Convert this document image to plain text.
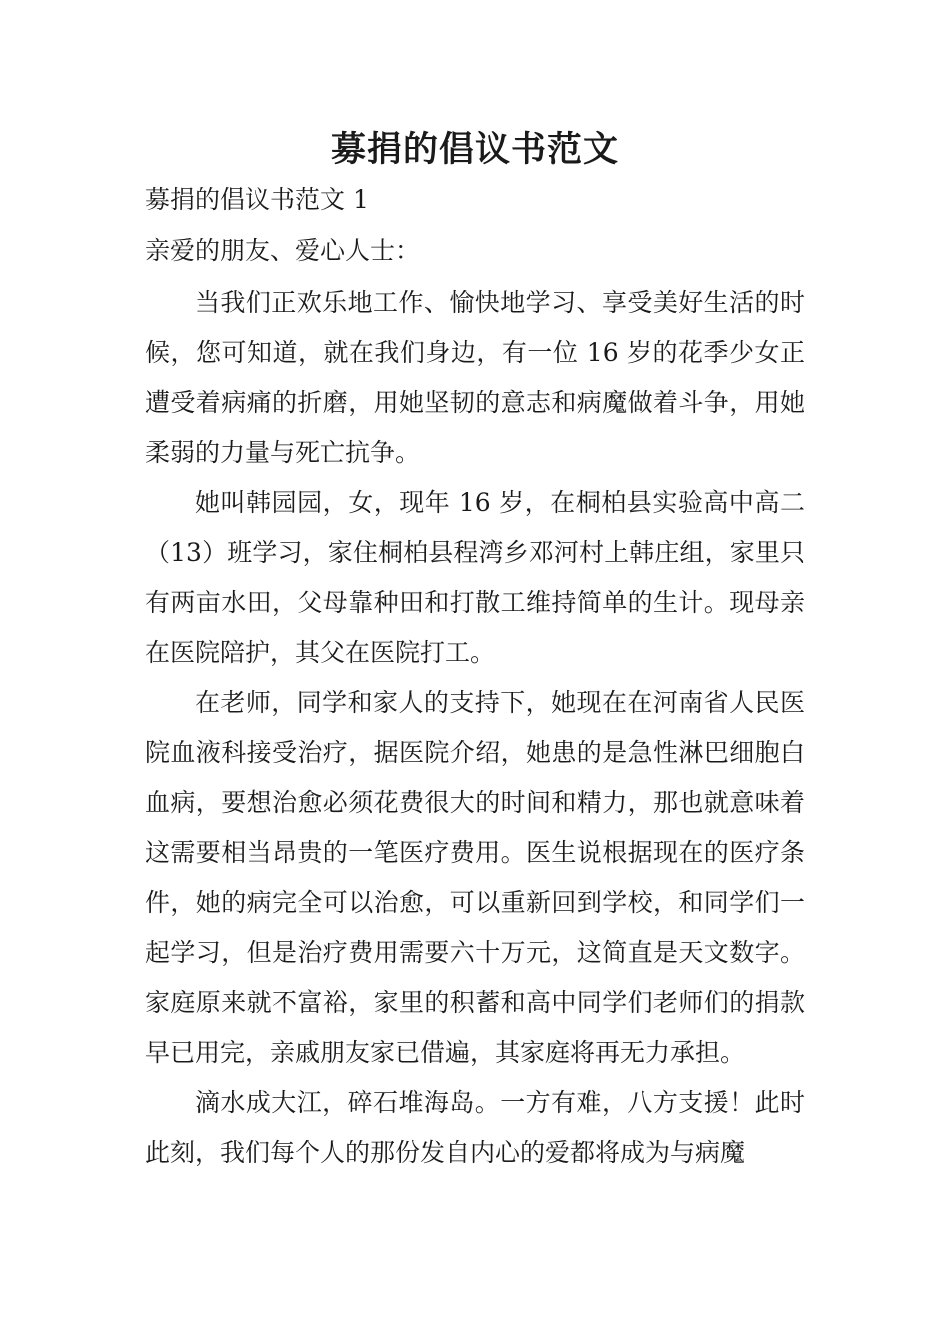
募捐的倡议书范文
募捐的倡议书范文 1
亲爱的朋友、爱心人士：

当我们正欢乐地工作、愉快地学习、享受美好生活的时候，您可知道，就在我们身边，有一位 16 岁的花季少女正遭受着病痛的折磨，用她坚韧的意志和病魔做着斗争，用她柔弱的力量与死亡抗争。

她叫韩园园，女，现年 16 岁，在桐柏县实验高中高二（13）班学习，家住桐柏县程湾乡邓河村上韩庄组，家里只有两亩水田，父母靠种田和打散工维持简单的生计。现母亲在医院陪护，其父在医院打工。

在老师，同学和家人的支持下，她现在在河南省人民医院血液科接受治疗，据医院介绍，她患的是急性淋巴细胞白血病，要想治愈必须花费很大的时间和精力，那也就意味着这需要相当昂贵的一笔医疗费用。医生说根据现在的医疗条件，她的病完全可以治愈，可以重新回到学校，和同学们一起学习，但是治疗费用需要六十万元，这简直是天文数字。家庭原来就不富裕，家里的积蓄和高中同学们老师们的捐款早已用完，亲戚朋友家已借遍，其家庭将再无力承担。

滴水成大江，碎石堆海岛。一方有难，八方支援！此时此刻，我们每个人的那份发自内心的爱都将成为与病魔
